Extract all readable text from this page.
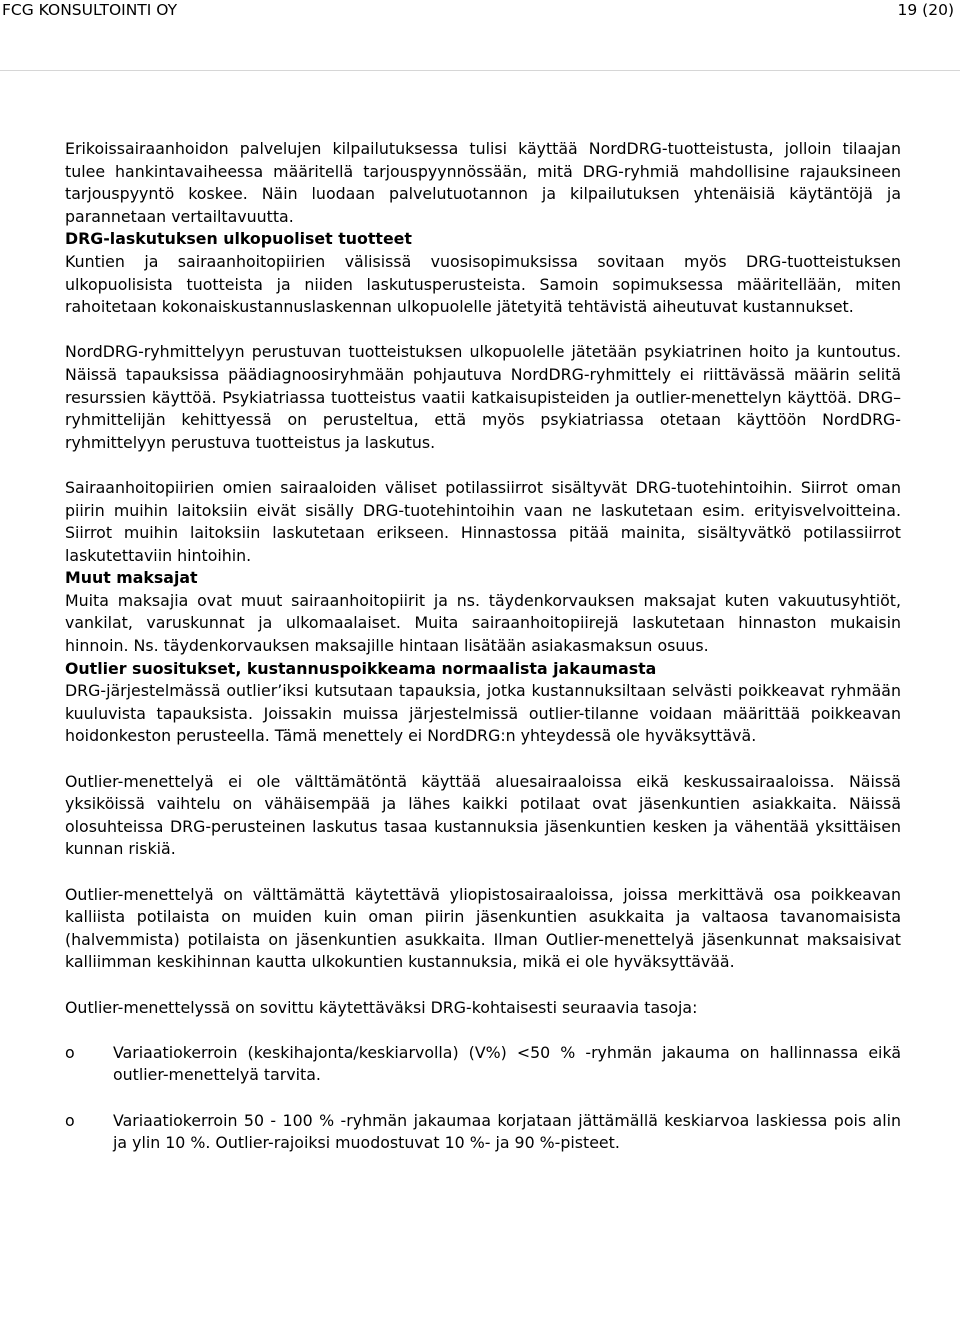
FCG KONSULTOINTI OY	19 (20)

Erikoissairaanhoidon palvelujen kilpailutuksessa tulisi käyttää NordDRG-tuotteistusta, jolloin tilaajan tulee hankintavaiheessa määritellä tarjouspyynnössään, mitä DRG-ryhmiä mahdollisine rajauksineen tarjouspyyntö koskee. Näin luodaan palvelutuotannon ja kilpailutuksen yhtenäisiä käytäntöjä ja parannetaan vertailtavuutta.

DRG-laskutuksen ulkopuoliset tuotteet

Kuntien ja sairaanhoitopiirien välisissä vuosisopimuksissa sovitaan myös DRG-tuotteistuksen ulkopuolisista tuotteista ja niiden laskutusperusteista. Samoin sopimuksessa määritellään, miten rahoitetaan kokonaiskustannuslaskennan ulkopuolelle jätetyitä tehtävistä aiheutuvat kustannukset.

NordDRG-ryhmittelyyn perustuvan tuotteistuksen ulkopuolelle jätetään psykiatrinen hoito ja kuntoutus. Näissä tapauksissa päädiagnoosiryhmään pohjautuva NordDRG-ryhmittely ei riittävässä määrin selitä resurssien käyttöä. Psykiatriassa tuotteistus vaatii katkaisupisteiden ja outlier-menettelyn käyttöä. DRG–ryhmittelijän kehittyessä on perusteltua, että myös psykiatriassa otetaan käyttöön NordDRG-ryhmittelyyn perustuva tuotteistus ja laskutus.

Sairaanhoitopiirien omien sairaaloiden väliset potilassiirrot sisältyvät DRG-tuotehintoihin. Siirrot oman piirin muihin laitoksiin eivät sisälly DRG-tuotehintoihin vaan ne laskutetaan esim. erityisvelvoitteina. Siirrot muihin laitoksiin laskutetaan erikseen. Hinnastossa pitää mainita, sisältyvätkö potilassiirrot laskutettaviin hintoihin.

Muut maksajat

Muita maksajia ovat muut sairaanhoitopiirit ja ns. täydenkorvauksen maksajat kuten vakuutusyhtiöt, vankilat, varuskunnat ja ulkomaalaiset. Muita sairaanhoitopiirejä laskutetaan hinnaston mukaisin hinnoin. Ns. täydenkorvauksen maksajille hintaan lisätään asiakasmaksun osuus.

Outlier suositukset, kustannuspoikkeama normaalista jakaumasta

DRG-järjestelmässä outlier’iksi kutsutaan tapauksia, jotka kustannuksiltaan selvästi poikkeavat ryhmään kuuluvista tapauksista. Joissakin muissa järjestelmissä outlier-tilanne voidaan määrittää poikkeavan hoidonkeston perusteella. Tämä menettely ei NordDRG:n yhteydessä ole hyväksyttävä.

Outlier-menettelyä ei ole välttämätöntä käyttää aluesairaaloissa eikä keskussairaaloissa. Näissä yksiköissä vaihtelu on vähäisempää ja lähes kaikki potilaat ovat jäsenkuntien asiakkaita. Näissä olosuhteissa DRG-perusteinen laskutus tasaa kustannuksia jäsenkuntien kesken ja vähentää yksittäisen kunnan riskiä.

Outlier-menettelyä on välttämättä käytettävä yliopistosairaaloissa, joissa merkittävä osa poikkeavan kalliista potilaista on muiden kuin oman piirin jäsenkuntien asukkaita ja valtaosa tavanomaisista (halvemmista) potilaista on jäsenkuntien asukkaita. Ilman Outlier-menettelyä jäsenkunnat maksaisivat kalliimman keskihinnan kautta ulkokuntien kustannuksia, mikä ei ole hyväksyttävää.

Outlier-menettelyssä on sovittu käytettäväksi DRG-kohtaisesti seuraavia tasoja:

o Variaatiokerroin (keskihajonta/keskiarvolla) (V%) <50 % -ryhmän jakauma on hallinnassa eikä outlier-menettelyä tarvita.
o Variaatiokerroin 50 - 100 % -ryhmän jakaumaa korjataan jättämällä keskiarvoa laskiessa pois alin ja ylin 10 %. Outlier-rajoiksi muodostuvat 10 %- ja 90 %-pisteet.
